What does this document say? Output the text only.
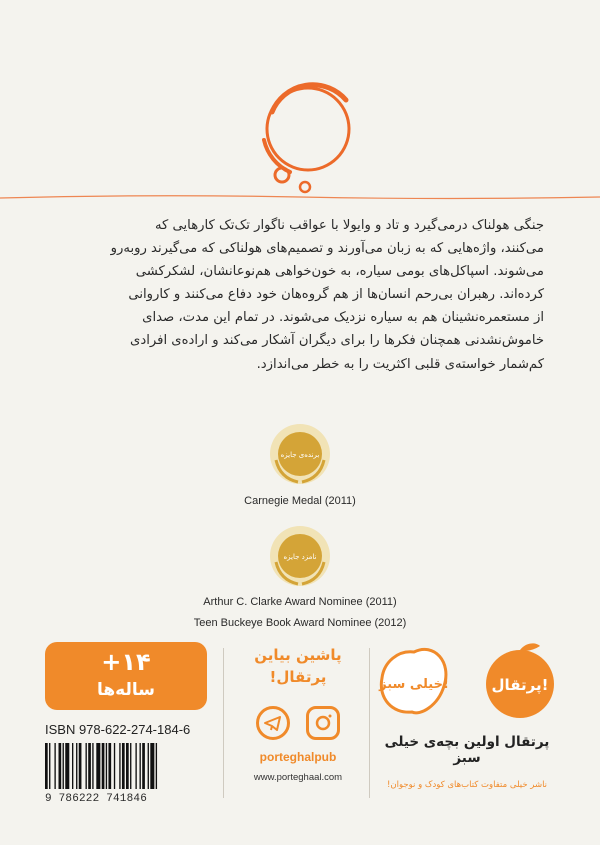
جنگی هولناک درمی‌گیرد و تاد و وایولا با عواقب ناگوار تک‌تک کارهایی که
می‌کنند، واژه‌هایی که به زبان می‌آورند و تصمیم‌های هولناکی که می‌گیرند روبه‌رو
می‌شوند. اسپاکل‌های بومی سیاره، به خون‌خواهی هم‌نوعانشان، لشکرکشی
کرده‌اند. رهبران بی‌رحم انسان‌ها از هم گروه‌هان خود دفاع می‌کنند و کاروانی
از مستعمره‌نشینان هم به سیاره نزدیک می‌شوند. در تمام این مدت، صدای
خاموش‌نشدنی همچنان فکرها را برای دیگران آشکار می‌کند و اراده‌ی افرادی
کم‌شمار خواسته‌ی قلبی اکثریت را به خطر می‌اندازد.
برنده‌ی جایزه
Carnegie Medal (2011)
نامزد جایزه
Arthur C. Clarke Award Nominee (2011)
Teen Buckeye Book Award Nominee (2012)
+۱۴
ساله‌ها
ISBN 978-622-274-184-6
9 786222 741846
پاشین بیاین
پرتقال!
porteghalpub
www.porteghaal.com
خیلی سبز!	پرتقال!
پرتقال اولین بچه‌ی خیلی سبز
ناشر خیلی متفاوت کتاب‌های کودک و نوجوان!
